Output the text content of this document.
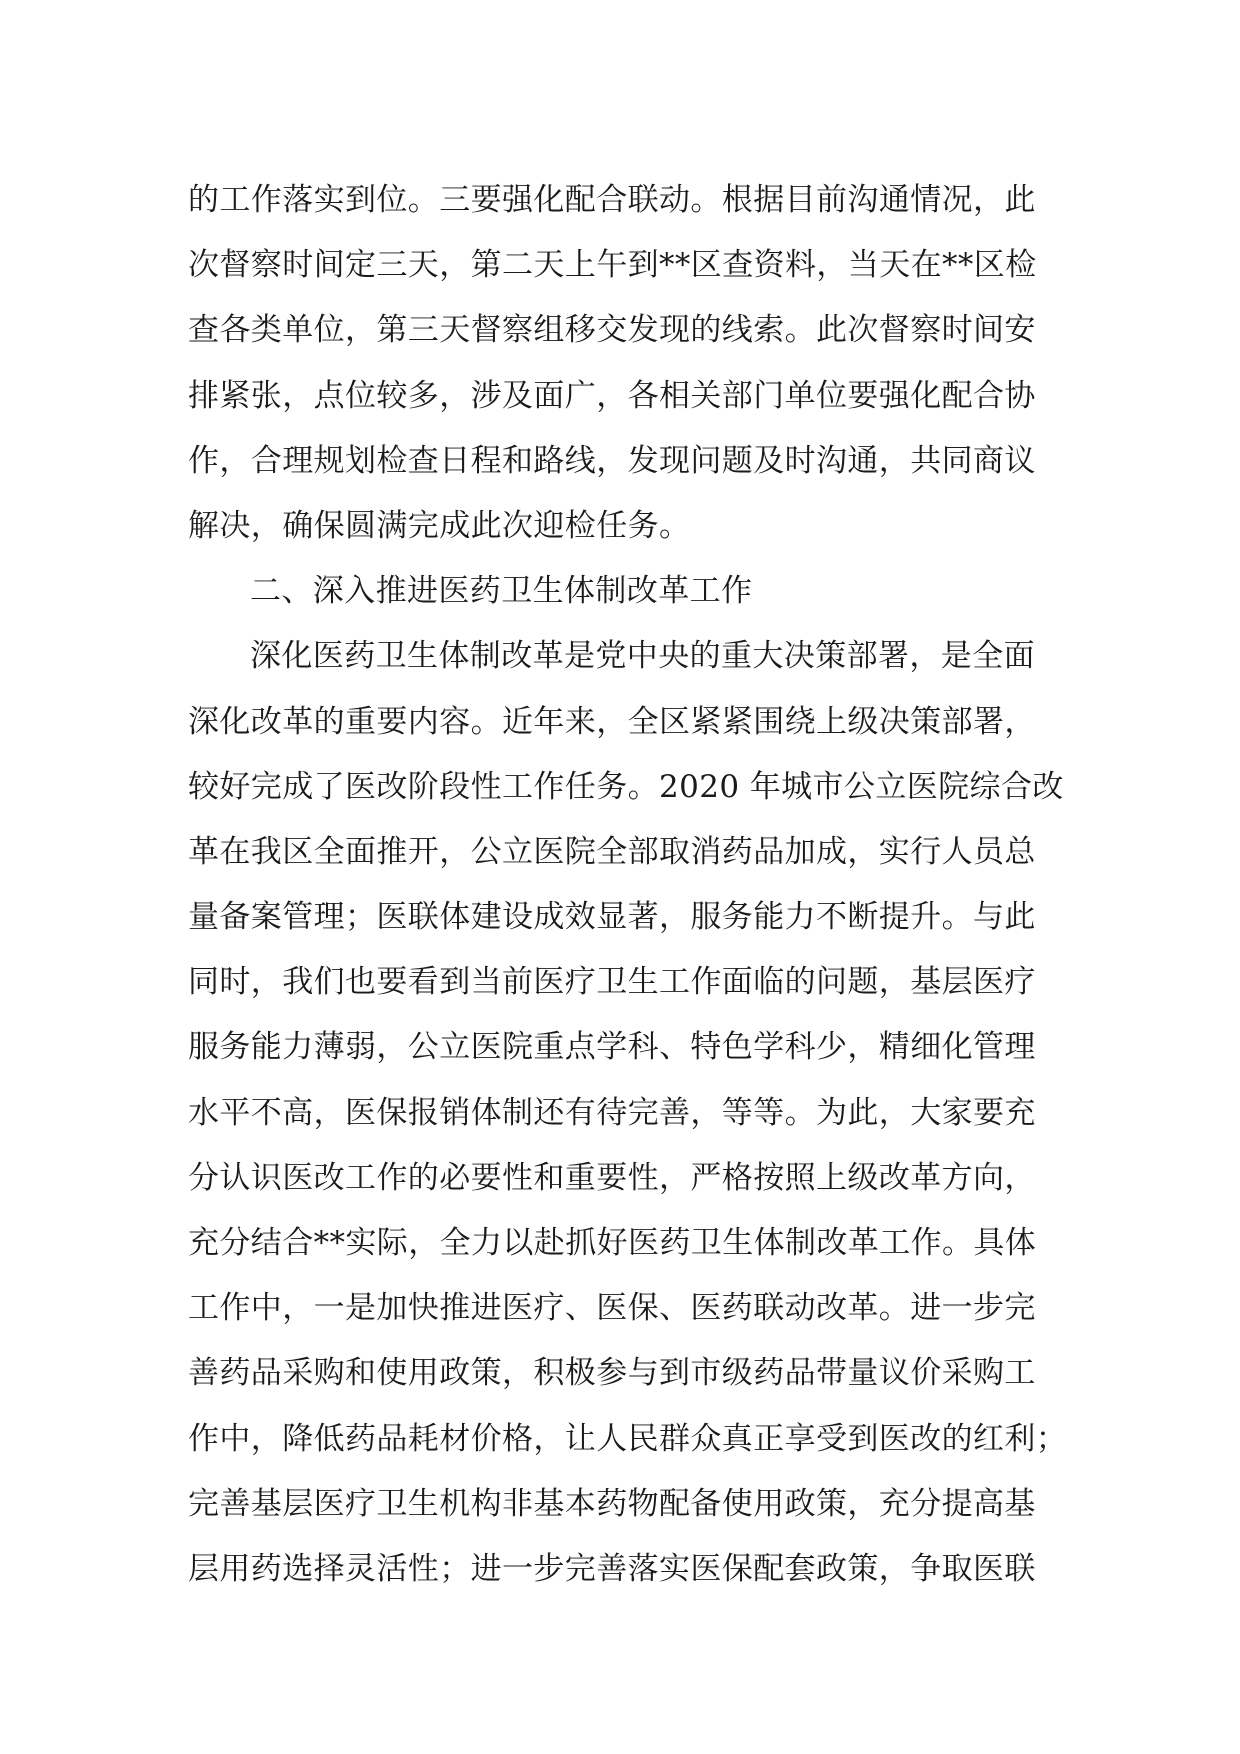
的工作落实到位。三要强化配合联动。根据目前沟通情况，此
次督察时间定三天，第二天上午到**区查资料，当天在**区检
查各类单位，第三天督察组移交发现的线索。此次督察时间安
排紧张，点位较多，涉及面广，各相关部门单位要强化配合协
作，合理规划检查日程和路线，发现问题及时沟通，共同商议
解决，确保圆满完成此次迎检任务。
二、深入推进医药卫生体制改革工作
深化医药卫生体制改革是党中央的重大决策部署，是全面
深化改革的重要内容。近年来，全区紧紧围绕上级决策部署，
较好完成了医改阶段性工作任务。2020 年城市公立医院综合改
革在我区全面推开，公立医院全部取消药品加成，实行人员总
量备案管理；医联体建设成效显著，服务能力不断提升。与此
同时，我们也要看到当前医疗卫生工作面临的问题，基层医疗
服务能力薄弱，公立医院重点学科、特色学科少，精细化管理
水平不高，医保报销体制还有待完善，等等。为此，大家要充
分认识医改工作的必要性和重要性，严格按照上级改革方向，
充分结合**实际，全力以赴抓好医药卫生体制改革工作。具体
工作中，一是加快推进医疗、医保、医药联动改革。进一步完
善药品采购和使用政策，积极参与到市级药品带量议价采购工
作中，降低药品耗材价格，让人民群众真正享受到医改的红利；
完善基层医疗卫生机构非基本药物配备使用政策，充分提高基
层用药选择灵活性；进一步完善落实医保配套政策，争取医联
